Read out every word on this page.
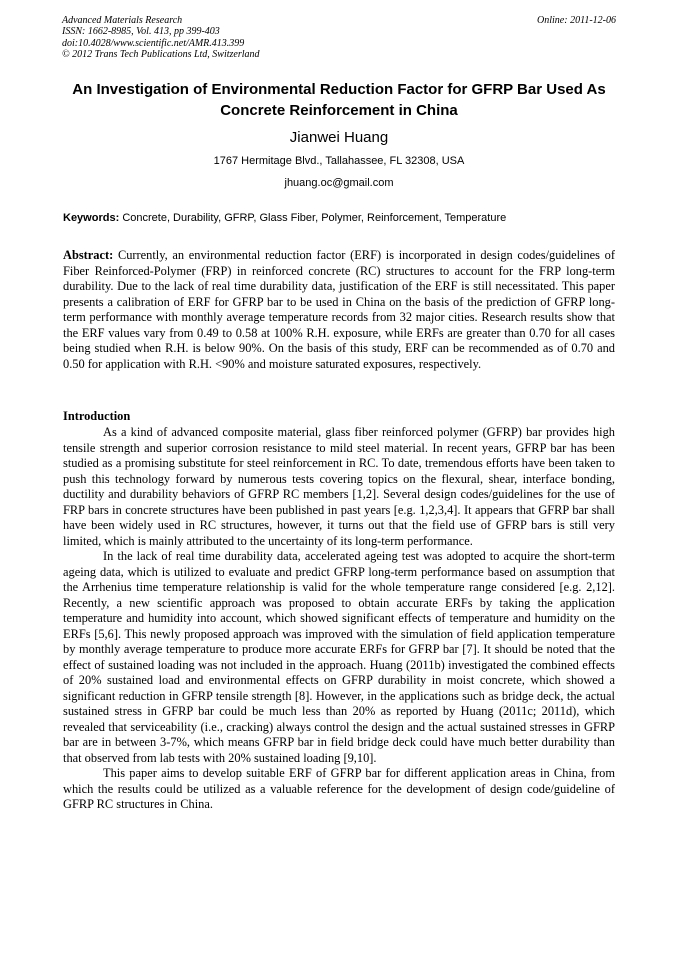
Advanced Materials Research
ISSN: 1662-8985, Vol. 413, pp 399-403
doi:10.4028/www.scientific.net/AMR.413.399
© 2012 Trans Tech Publications Ltd, Switzerland
Online: 2011-12-06
An Investigation of Environmental Reduction Factor for GFRP Bar Used As Concrete Reinforcement in China
Jianwei Huang
1767 Hermitage Blvd., Tallahassee, FL 32308, USA
jhuang.oc@gmail.com
Keywords: Concrete, Durability, GFRP, Glass Fiber, Polymer, Reinforcement, Temperature
Abstract: Currently, an environmental reduction factor (ERF) is incorporated in design codes/guidelines of Fiber Reinforced-Polymer (FRP) in reinforced concrete (RC) structures to account for the FRP long-term durability. Due to the lack of real time durability data, justification of the ERF is still necessitated. This paper presents a calibration of ERF for GFRP bar to be used in China on the basis of the prediction of GFRP long-term performance with monthly average temperature records from 32 major cities. Research results show that the ERF values vary from 0.49 to 0.58 at 100% R.H. exposure, while ERFs are greater than 0.70 for all cases being studied when R.H. is below 90%. On the basis of this study, ERF can be recommended as of 0.70 and 0.50 for application with R.H. <90% and moisture saturated exposures, respectively.
Introduction

As a kind of advanced composite material, glass fiber reinforced polymer (GFRP) bar provides high tensile strength and superior corrosion resistance to mild steel material. In recent years, GFRP bar has been studied as a promising substitute for steel reinforcement in RC. To date, tremendous efforts have been taken to push this technology forward by numerous tests covering topics on the flexural, shear, interface bonding, ductility and durability behaviors of GFRP RC members [1,2]. Several design codes/guidelines for the use of FRP bars in concrete structures have been published in past years [e.g. 1,2,3,4]. It appears that GFRP bar shall have been widely used in RC structures, however, it turns out that the field use of GFRP bars is still very limited, which is mainly attributed to the uncertainty of its long-term performance.

In the lack of real time durability data, accelerated ageing test was adopted to acquire the short-term ageing data, which is utilized to evaluate and predict GFRP long-term performance based on assumption that the Arrhenius time temperature relationship is valid for the whole temperature range considered [e.g. 2,12]. Recently, a new scientific approach was proposed to obtain accurate ERFs by taking the application temperature and humidity into account, which showed significant effects of temperature and humidity on the ERFs [5,6]. This newly proposed approach was improved with the simulation of field application temperature by monthly average temperature to produce more accurate ERFs for GFRP bar [7]. It should be noted that the effect of sustained loading was not included in the approach. Huang (2011b) investigated the combined effects of 20% sustained load and environmental effects on GFRP durability in moist concrete, which showed a significant reduction in GFRP tensile strength [8]. However, in the applications such as bridge deck, the actual sustained stress in GFRP bar could be much less than 20% as reported by Huang (2011c; 2011d), which revealed that serviceability (i.e., cracking) always control the design and the actual sustained stresses in GFRP bar are in between 3-7%, which means GFRP bar in field bridge deck could have much better durability than that observed from lab tests with 20% sustained loading [9,10].

This paper aims to develop suitable ERF of GFRP bar for different application areas in China, from which the results could be utilized as a valuable reference for the development of design code/guideline of GFRP RC structures in China.
